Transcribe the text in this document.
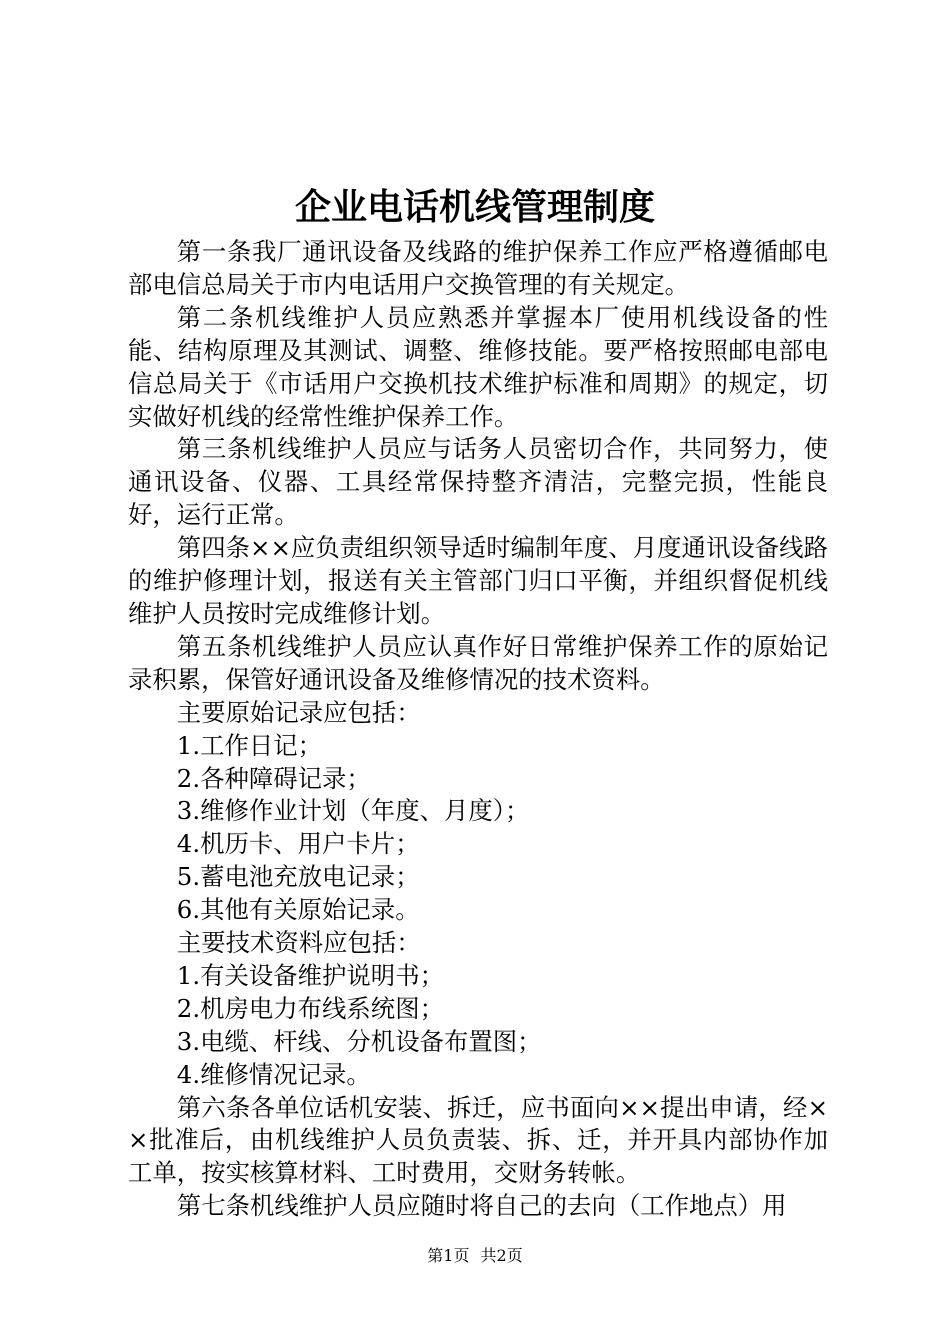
企业电话机线管理制度

第一条我厂通讯设备及线路的维护保养工作应严格遵循邮电部电信总局关于市内电话用户交换管理的有关规定。

第二条机线维护人员应熟悉并掌握本厂使用机线设备的性能、结构原理及其测试、调整、维修技能。要严格按照邮电部电信总局关于《市话用户交换机技术维护标准和周期》的规定，切实做好机线的经常性维护保养工作。

第三条机线维护人员应与话务人员密切合作，共同努力，使通讯设备、仪器、工具经常保持整齐清洁，完整完损，性能良好，运行正常。

第四条××应负责组织领导适时编制年度、月度通讯设备线路的维护修理计划，报送有关主管部门归口平衡，并组织督促机线维护人员按时完成维修计划。

第五条机线维护人员应认真作好日常维护保养工作的原始记录积累，保管好通讯设备及维修情况的技术资料。

主要原始记录应包括：

1.工作日记；

2.各种障碍记录；

3.维修作业计划（年度、月度）；

4.机历卡、用户卡片；

5.蓄电池充放电记录；

6.其他有关原始记录。

主要技术资料应包括：

1.有关设备维护说明书；

2.机房电力布线系统图；

3.电缆、杆线、分机设备布置图；

4.维修情况记录。

第六条各单位话机安装、拆迁，应书面向××提出申请，经××批准后，由机线维护人员负责装、拆、迁，并开具内部协作加工单，按实核算材料、工时费用，交财务转帐。

第七条机线维护人员应随时将自己的去向（工作地点）用

第1页 共2页
